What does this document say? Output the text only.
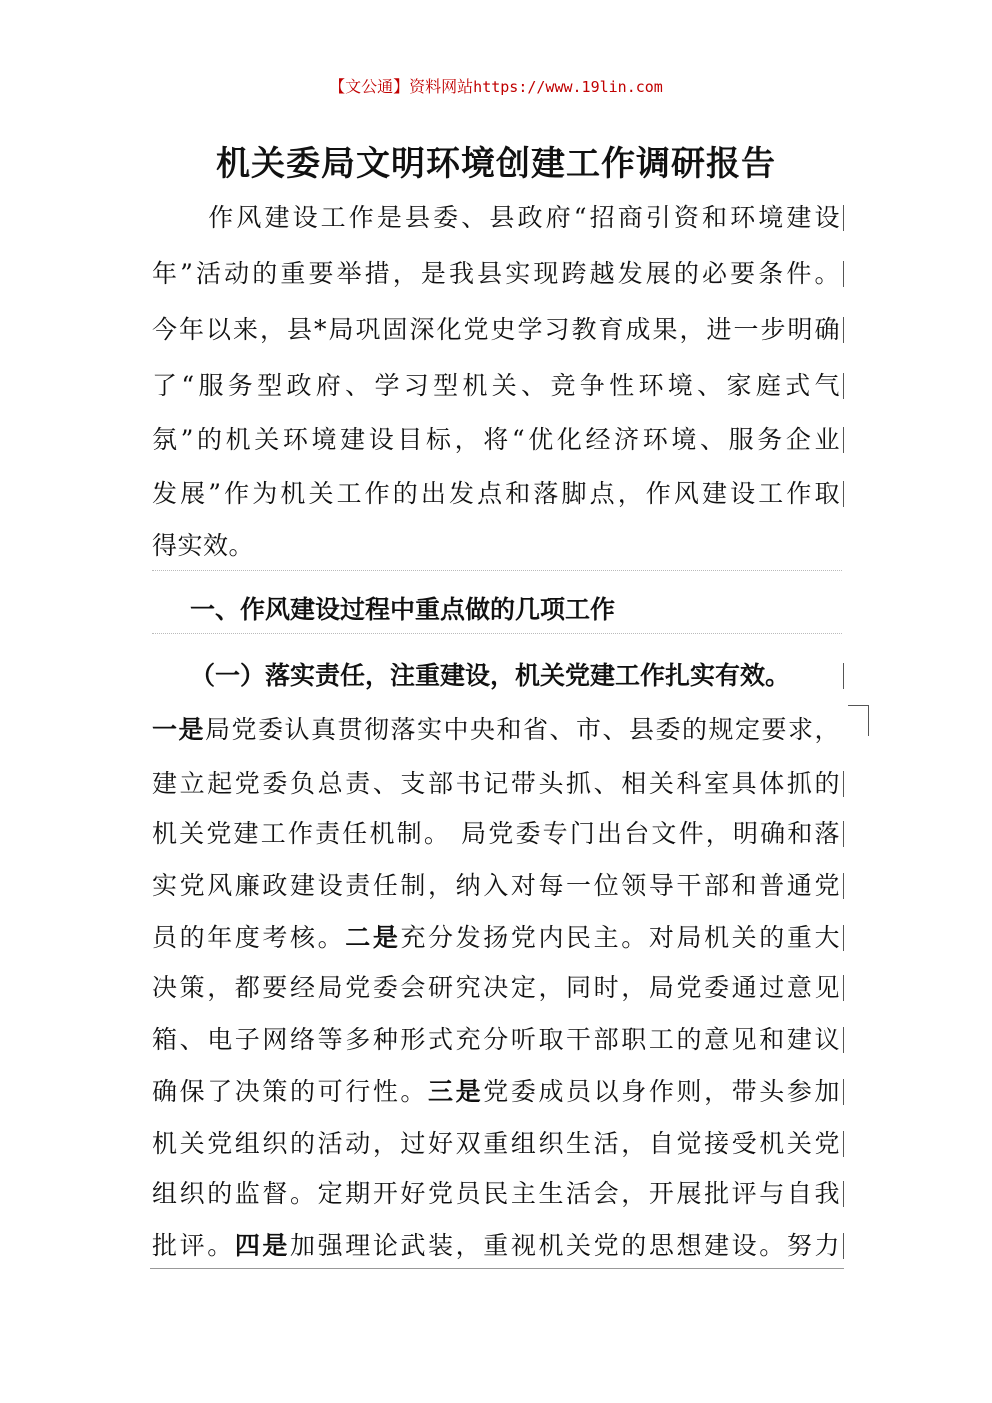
【文公通】资料网站https://www.19lin.com
机关委局文明环境创建工作调研报告
　　作风建设工作是县委、县政府“招商引资和环境建设
年”活动的重要举措，是我县实现跨越发展的必要条件。
今年以来，县*局巩固深化党史学习教育成果，进一步明确
了“服务型政府、学习型机关、竞争性环境、家庭式气
氛”的机关环境建设目标，将“优化经济环境、服务企业
发展”作为机关工作的出发点和落脚点，作风建设工作取
得实效。
一、作风建设过程中重点做的几项工作
（一）落实责任，注重建设，机关党建工作扎实有效。
一是局党委认真贯彻落实中央和省、市、县委的规定要求，
建立起党委负总责、支部书记带头抓、相关科室具体抓的
机关党建工作责任机制。 局党委专门出台文件，明确和落
实党风廉政建设责任制，纳入对每一位领导干部和普通党
员的年度考核。二是充分发扬党内民主。对局机关的重大
决策，都要经局党委会研究决定，同时，局党委通过意见
箱、电子网络等多种形式充分听取干部职工的意见和建议
确保了决策的可行性。三是党委成员以身作则，带头参加
机关党组织的活动，过好双重组织生活，自觉接受机关党
组织的监督。定期开好党员民主生活会，开展批评与自我
批评。四是加强理论武装，重视机关党的思想建设。努力
